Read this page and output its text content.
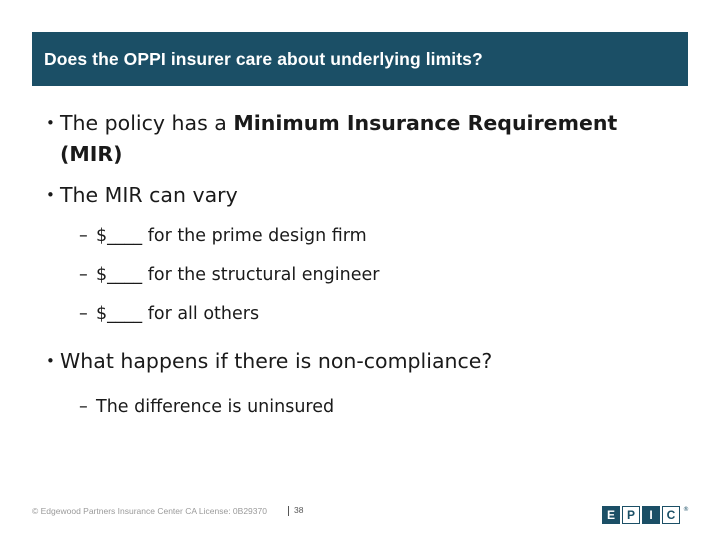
Does the OPPI insurer care about underlying limits?
• The policy has a Minimum Insurance Requirement (MIR)
• The MIR can vary
– $____ for the prime design firm
– $____ for the structural engineer
– $____ for all others
• What happens if there is non-compliance?
– The difference is uninsured
© Edgewood Partners Insurance Center CA License: 0B29370	38	E P	I	C	®
